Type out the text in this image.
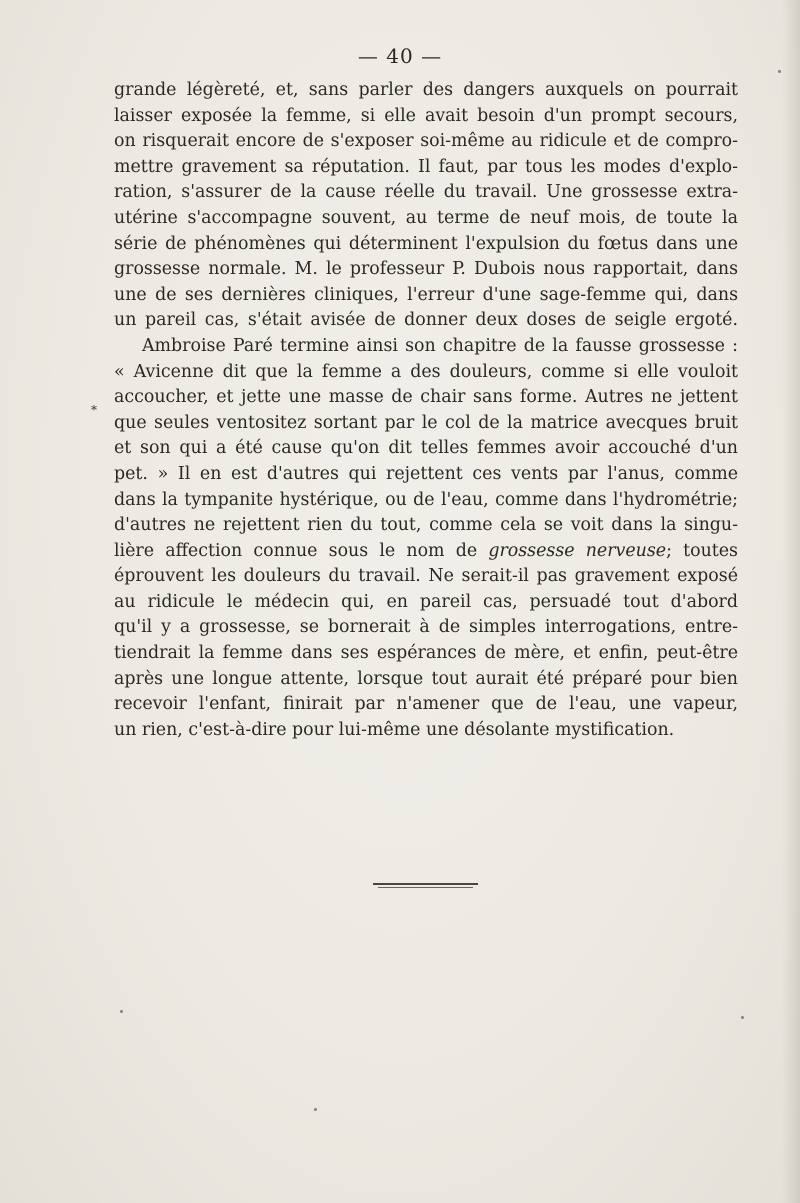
— 40 —
*
grande légèreté, et, sans parler des dangers auxquels on pourrait
laisser exposée la femme, si elle avait besoin d'un prompt secours,
on risquerait encore de s'exposer soi-même au ridicule et de compro-
mettre gravement sa réputation. Il faut, par tous les modes d'explo-
ration, s'assurer de la cause réelle du travail. Une grossesse extra-
utérine s'accompagne souvent, au terme de neuf mois, de toute la
série de phénomènes qui déterminent l'expulsion du fœtus dans une
grossesse normale. M. le professeur P. Dubois nous rapportait, dans
une de ses dernières cliniques, l'erreur d'une sage-femme qui, dans
un pareil cas, s'était avisée de donner deux doses de seigle ergoté.
Ambroise Paré termine ainsi son chapitre de la fausse grossesse :
« Avicenne dit que la femme a des douleurs, comme si elle vouloit
accoucher, et jette une masse de chair sans forme. Autres ne jettent
que seules ventositez sortant par le col de la matrice avecques bruit
et son qui a été cause qu'on dit telles femmes avoir accouché d'un
pet. » Il en est d'autres qui rejettent ces vents par l'anus, comme
dans la tympanite hystérique, ou de l'eau, comme dans l'hydrométrie;
d'autres ne rejettent rien du tout, comme cela se voit dans la singu-
lière affection connue sous le nom de grossesse nerveuse; toutes
éprouvent les douleurs du travail. Ne serait-il pas gravement exposé
au ridicule le médecin qui, en pareil cas, persuadé tout d'abord
qu'il y a grossesse, se bornerait à de simples interrogations, entre-
tiendrait la femme dans ses espérances de mère, et enfin, peut-être
après une longue attente, lorsque tout aurait été préparé pour bien
recevoir l'enfant, finirait par n'amener que de l'eau, une vapeur,
un rien, c'est-à-dire pour lui-même une désolante mystification.
